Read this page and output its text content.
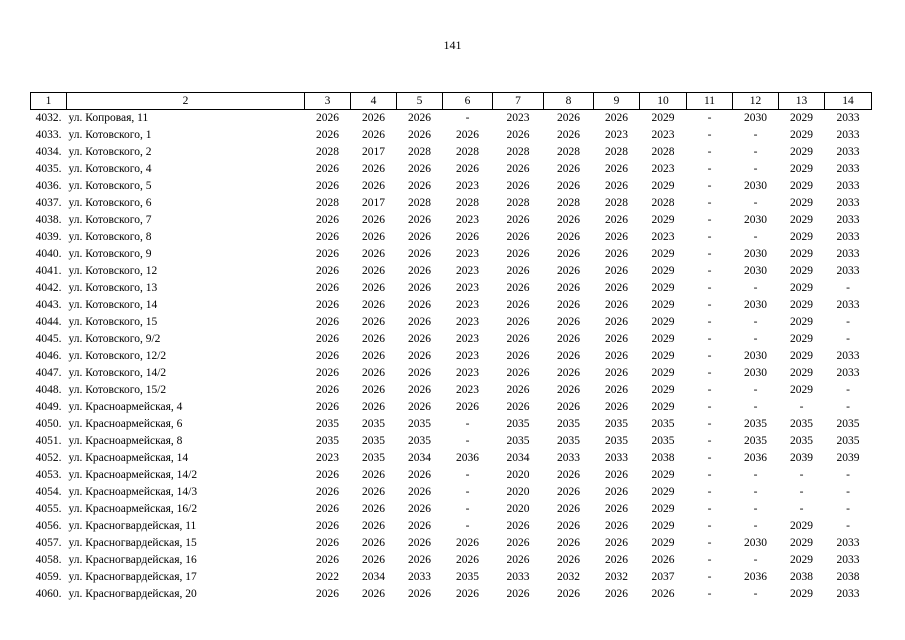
141
1	2	3	4	5	6	7	8	9	10	11	12	13	14
4032.	ул. Копровая, 11	2026	2026	2026	-	2023	2026	2026	2029	-	2030	2029	2033
4033.	ул. Котовского, 1	2026	2026	2026	2026	2026	2026	2023	2023	-	-	2029	2033
4034.	ул. Котовского, 2	2028	2017	2028	2028	2028	2028	2028	2028	-	-	2029	2033
4035.	ул. Котовского, 4	2026	2026	2026	2026	2026	2026	2026	2023	-	-	2029	2033
4036.	ул. Котовского, 5	2026	2026	2026	2023	2026	2026	2026	2029	-	2030	2029	2033
4037.	ул. Котовского, 6	2028	2017	2028	2028	2028	2028	2028	2028	-	-	2029	2033
4038.	ул. Котовского, 7	2026	2026	2026	2023	2026	2026	2026	2029	-	2030	2029	2033
4039.	ул. Котовского, 8	2026	2026	2026	2026	2026	2026	2026	2023	-	-	2029	2033
4040.	ул. Котовского, 9	2026	2026	2026	2023	2026	2026	2026	2029	-	2030	2029	2033
4041.	ул. Котовского, 12	2026	2026	2026	2023	2026	2026	2026	2029	-	2030	2029	2033
4042.	ул. Котовского, 13	2026	2026	2026	2023	2026	2026	2026	2029	-	-	2029	-
4043.	ул. Котовского, 14	2026	2026	2026	2023	2026	2026	2026	2029	-	2030	2029	2033
4044.	ул. Котовского, 15	2026	2026	2026	2023	2026	2026	2026	2029	-	-	2029	-
4045.	ул. Котовского, 9/2	2026	2026	2026	2023	2026	2026	2026	2029	-	-	2029	-
4046.	ул. Котовского, 12/2	2026	2026	2026	2023	2026	2026	2026	2029	-	2030	2029	2033
4047.	ул. Котовского, 14/2	2026	2026	2026	2023	2026	2026	2026	2029	-	2030	2029	2033
4048.	ул. Котовского, 15/2	2026	2026	2026	2023	2026	2026	2026	2029	-	-	2029	-
4049.	ул. Красноармейская, 4	2026	2026	2026	2026	2026	2026	2026	2029	-	-	-	-
4050.	ул. Красноармейская, 6	2035	2035	2035	-	2035	2035	2035	2035	-	2035	2035	2035
4051.	ул. Красноармейская, 8	2035	2035	2035	-	2035	2035	2035	2035	-	2035	2035	2035
4052.	ул. Красноармейская, 14	2023	2035	2034	2036	2034	2033	2033	2038	-	2036	2039	2039
4053.	ул. Красноармейская, 14/2	2026	2026	2026	-	2020	2026	2026	2029	-	-	-	-
4054.	ул. Красноармейская, 14/3	2026	2026	2026	-	2020	2026	2026	2029	-	-	-	-
4055.	ул. Красноармейская, 16/2	2026	2026	2026	-	2020	2026	2026	2029	-	-	-	-
4056.	ул. Красногвардейская, 11	2026	2026	2026	-	2026	2026	2026	2029	-	-	2029	-
4057.	ул. Красногвардейская, 15	2026	2026	2026	2026	2026	2026	2026	2029	-	2030	2029	2033
4058.	ул. Красногвардейская, 16	2026	2026	2026	2026	2026	2026	2026	2026	-	-	2029	2033
4059.	ул. Красногвардейская, 17	2022	2034	2033	2035	2033	2032	2032	2037	-	2036	2038	2038
4060.	ул. Красногвардейская, 20	2026	2026	2026	2026	2026	2026	2026	2026	-	-	2029	2033
